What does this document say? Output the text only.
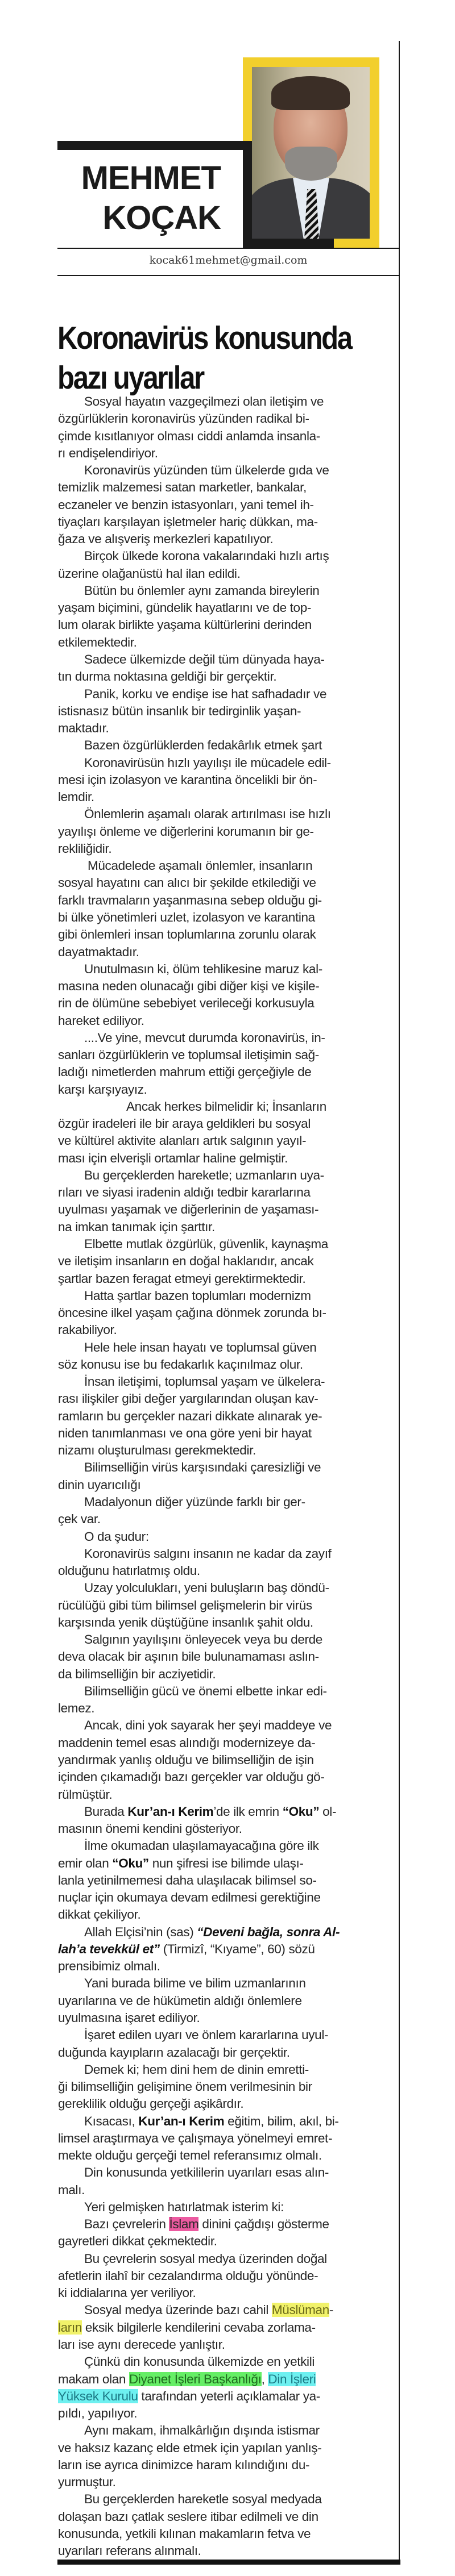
MEHMET
KOÇAK
kocak61mehmet@gmail.com
Koronavirüs konusunda
bazı uyarılar
Sosyal hayatın vazgeçilmezi olan iletişim ve
özgürlüklerin koronavirüs yüzünden radikal bi-
çimde kısıtlanıyor olması ciddi anlamda insanla-
rı endişelendiriyor.
Koronavirüs yüzünden tüm ülkelerde gıda ve
temizlik malzemesi satan marketler, bankalar,
eczaneler ve benzin istasyonları, yani temel ih-
tiyaçları karşılayan işletmeler hariç dükkan, ma-
ğaza ve alışveriş merkezleri kapatılıyor.
Birçok ülkede korona vakalarındaki hızlı artış
üzerine olağanüstü hal ilan edildi.
Bütün bu önlemler aynı zamanda bireylerin
yaşam biçimini, gündelik hayatlarını ve de top-
lum olarak birlikte yaşama kültürlerini derinden
etkilemektedir.
Sadece ülkemizde değil tüm dünyada haya-
tın durma noktasına geldiği bir gerçektir.
Panik, korku ve endişe ise hat safhadadır ve
istisnasız bütün insanlık bir tedirginlik yaşan-
maktadır.
Bazen özgürlüklerden fedakârlık etmek şart
Koronavirüsün hızlı yayılışı ile mücadele edil-
mesi için izolasyon ve karantina öncelikli bir ön-
lemdir.
Önlemlerin aşamalı olarak artırılması ise hızlı
yayılışı önleme ve diğerlerini korumanın bir ge-
rekliliğidir.
Mücadelede aşamalı önlemler, insanların
sosyal hayatını can alıcı bir şekilde etkilediği ve
farklı travmaların yaşanmasına sebep olduğu gi-
bi ülke yönetimleri uzlet, izolasyon ve karantina
gibi önlemleri insan toplumlarına zorunlu olarak
dayatmaktadır.
Unutulmasın ki, ölüm tehlikesine maruz kal-
masına neden olunacağı gibi diğer kişi ve kişile-
rin de ölümüne sebebiyet verileceği korkusuyla
hareket ediliyor.
....Ve yine, mevcut durumda koronavirüs, in-
sanları özgürlüklerin ve toplumsal iletişimin sağ-
ladığı nimetlerden mahrum ettiği gerçeğiyle de
karşı karşıyayız.
Ancak herkes bilmelidir ki; İnsanların
özgür iradeleri ile bir araya geldikleri bu sosyal
ve kültürel aktivite alanları artık salgının yayıl-
ması için elverişli ortamlar haline gelmiştir.
Bu gerçeklerden hareketle; uzmanların uya-
rıları ve siyasi iradenin aldığı tedbir kararlarına
uyulması yaşamak ve diğerlerinin de yaşaması-
na imkan tanımak için şarttır.
Elbette mutlak özgürlük, güvenlik, kaynaşma
ve iletişim insanların en doğal haklarıdır, ancak
şartlar bazen feragat etmeyi gerektirmektedir.
Hatta şartlar bazen toplumları modernizm
öncesine ilkel yaşam çağına dönmek zorunda bı-
rakabiliyor.
Hele hele insan hayatı ve toplumsal güven
söz konusu ise bu fedakarlık kaçınılmaz olur.
İnsan iletişimi, toplumsal yaşam ve ülkelera-
rası ilişkiler gibi değer yargılarından oluşan kav-
ramların bu gerçekler nazari dikkate alınarak ye-
niden tanımlanması ve ona göre yeni bir hayat
nizamı oluşturulması gerekmektedir.
Bilimselliğin virüs karşısındaki çaresizliği ve
dinin uyarıcılığı
Madalyonun diğer yüzünde farklı bir ger-
çek var.
O da şudur:
Koronavirüs salgını insanın ne kadar da zayıf
olduğunu hatırlatmış oldu.
Uzay yolculukları, yeni buluşların baş döndü-
rücülüğü gibi tüm bilimsel gelişmelerin bir virüs
karşısında yenik düştüğüne insanlık şahit oldu.
Salgının yayılışını önleyecek veya bu derde
deva olacak bir aşının bile bulunamaması aslın-
da bilimselliğin bir acziyetidir.
Bilimselliğin gücü ve önemi elbette inkar edi-
lemez.
Ancak, dini yok sayarak her şeyi maddeye ve
maddenin temel esas alındığı modernizeye da-
yandırmak yanlış olduğu ve bilimselliğin de işin
içinden çıkamadığı bazı gerçekler var olduğu gö-
rülmüştür.
Burada Kur’an-ı Kerim’de ilk emrin “Oku” ol-
masının önemi kendini gösteriyor.
İlme okumadan ulaşılamayacağına göre ilk
emir olan “Oku” nun şifresi ise bilimde ulaşı-
lanla yetinilmemesi daha ulaşılacak bilimsel so-
nuçlar için okumaya devam edilmesi gerektiğine
dikkat çekiliyor.
Allah Elçisi’nin (sas) “Deveni bağla, sonra Al-
lah’a tevekkül et” (Tirmizî, “Kıyame”, 60) sözü
prensibimiz olmalı.
Yani burada bilime ve bilim uzmanlarının
uyarılarına ve de hükümetin aldığı önlemlere
uyulmasına işaret ediliyor.
İşaret edilen uyarı ve önlem kararlarına uyul-
duğunda kayıpların azalacağı bir gerçektir.
Demek ki; hem dini hem de dinin emretti-
ği bilimselliğin gelişimine önem verilmesinin bir
gereklilik olduğu gerçeği aşikârdır.
Kısacası, Kur’an-ı Kerim eğitim, bilim, akıl, bi-
limsel araştırmaya ve çalışmaya yönelmeyi emret-
mekte olduğu gerçeği temel referansımız olmalı.
Din konusunda yetkililerin uyarıları esas alın-
malı.
Yeri gelmişken hatırlatmak isterim ki:
Bazı çevrelerin İslam dinini çağdışı gösterme
gayretleri dikkat çekmektedir.
Bu çevrelerin sosyal medya üzerinden doğal
afetlerin ilahî bir cezalandırma olduğu yönünde-
ki iddialarına yer veriliyor.
Sosyal medya üzerinde bazı cahil Müslüman-
ların eksik bilgilerle kendilerini cevaba zorlama-
ları ise aynı derecede yanlıştır.
Çünkü din konusunda ülkemizde en yetkili
makam olan Diyanet İşleri Başkanlığı, Din İşleri
Yüksek Kurulu tarafından yeterli açıklamalar ya-
pıldı, yapılıyor.
Aynı makam, ihmalkârlığın dışında istismar
ve haksız kazanç elde etmek için yapılan yanlış-
ların ise ayrıca dinimizce haram kılındığını du-
yurmuştur.
Bu gerçeklerden hareketle sosyal medyada
dolaşan bazı çatlak seslere itibar edilmeli ve din
konusunda, yetkili kılınan makamların fetva ve
uyarıları referans alınmalı.
